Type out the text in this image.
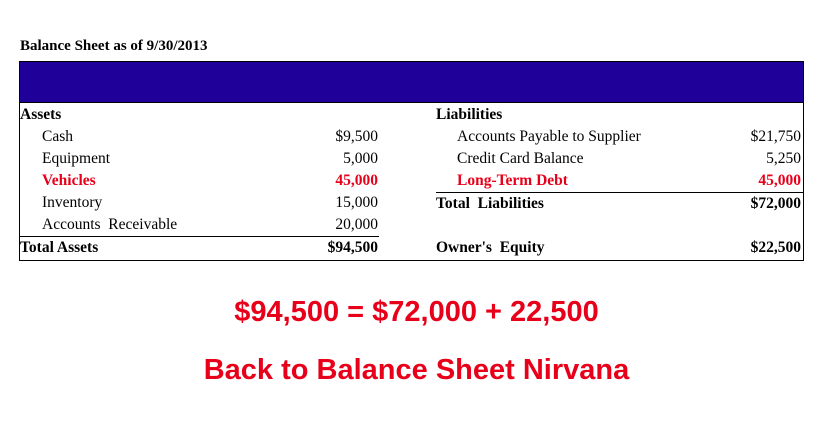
Balance Sheet as of 9/30/2013
Assets
Cash	$9,500
Equipment	5,000
Vehicles	45,000
Inventory	15,000
Accounts  Receivable	20,000
Total Assets	$94,500
Liabilities
Accounts Payable to Supplier	$21,750
Credit Card Balance	5,250
Long-Term Debt	45,000
Total  Liabilities	$72,000
Owner's  Equity	$22,500
$94,500 = $72,000 + 22,500
Back to Balance Sheet Nirvana
